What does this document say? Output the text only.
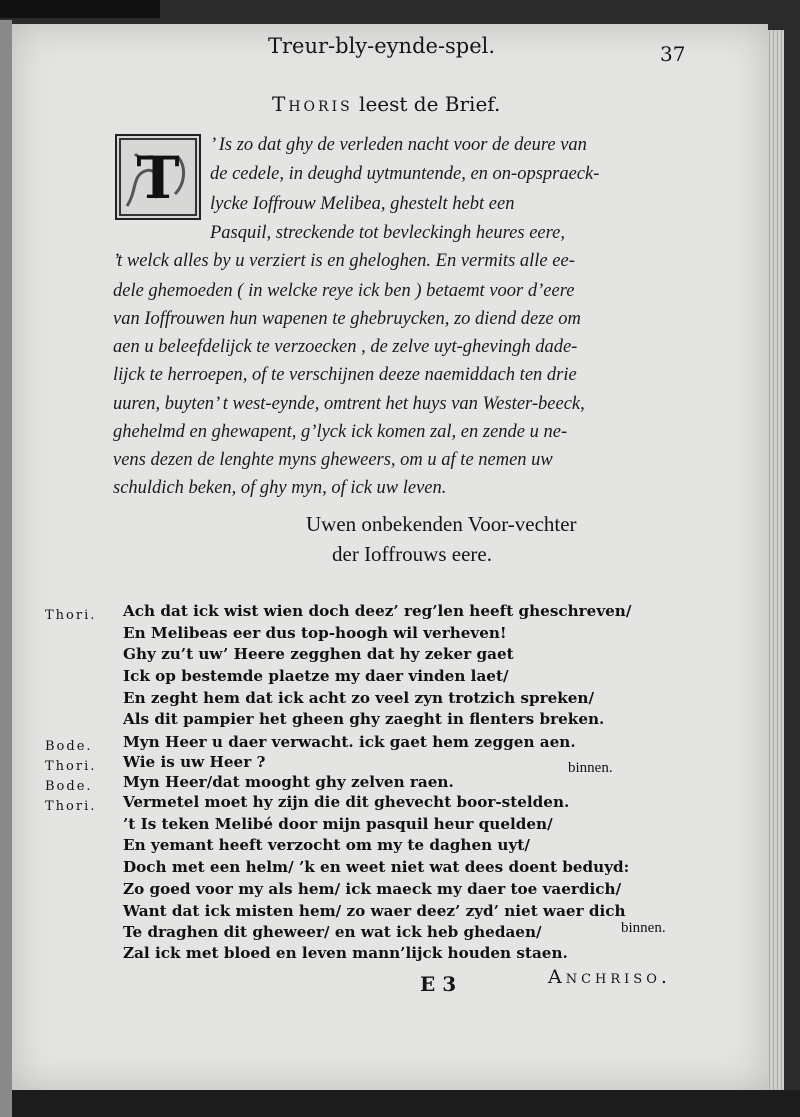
Treur-bly-eynde-spel.	37
Thoris leest de Brief.
T ’ Is zo dat ghy de verleden nacht voor de deure van
de cedele, in deughd uytmuntende, en on-opspraeck-
lycke Ioffrouw Melibea, ghestelt hebt een
Pasquil, streckende tot bevleckingh heures eere,
’t welck alles by u verziert is en gheloghen. En vermits alle ee-
dele ghemoeden ( in welcke reye ick ben ) betaemt voor d’eere
van Ioffrouwen hun wapenen te ghebruycken, zo diend deze om
aen u beleefdelijck te verzoecken , de zelve uyt-ghevingh dade-
lijck te herroepen, of te verschijnen deeze naemiddach ten drie
uuren, buyten’ t west-eynde, omtrent het huys van Wester-beeck,
ghehelmd en ghewapent, g’lyck ick komen zal, en zende u ne-
vens dezen de lenghte myns gheweers, om u af te nemen uw
schuldich beken, of ghy myn, of ick uw leven.
Uwen onbekenden Voor-vechter
der Ioffrouws eere.
Thori. Ach dat ick wist wien doch deez’ reg’len heeft gheschreven/
En Melibeas eer dus top-hoogh wil verheven!
Ghy zu’t uw’ Heere zegghen dat hy zeker gaet
Ick op bestemde plaetze my daer vinden laet/
En zeght hem dat ick acht zo veel zyn trotzich spreken/
Als dit pampier het gheen ghy zaeght in flenters breken.
Bode. Myn Heer u daer verwacht. ick gaet hem zeggen aen.
Thori. Wie is uw Heer ?
Bode. Myn Heer/dat mooght ghy zelven raen.
Thori. Vermetel moet hy zijn die dit ghevecht boor-stelden.
’t Is teken Melibé door mijn pasquil heur quelden/
En yemant heeft verzocht om my te daghen uyt/
Doch met een helm/ ’k en weet niet wat dees doent beduyd:
Zo goed voor my als hem/ ick maeck my daer toe vaerdich/
Want dat ick misten hem/ zo waer deez’ zyd’ niet waer dich
Te draghen dit gheweer/ en wat ick heb ghedaen/
Zal ick met bloed en leven mann’lijck houden staen.
binnen.
binnen.
E 3	Anchriso.
